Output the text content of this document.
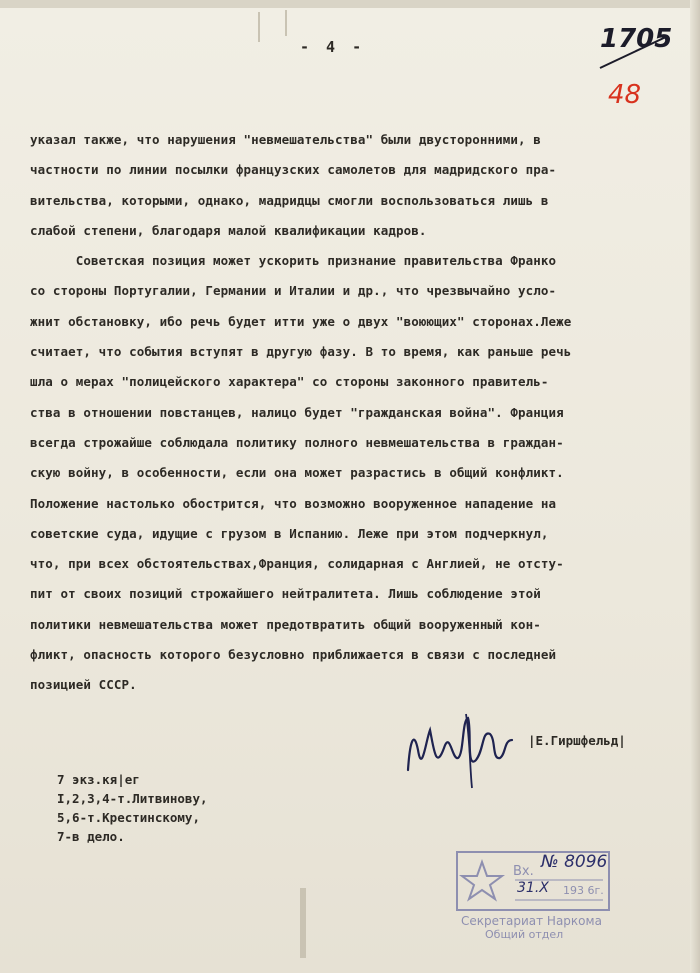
- 4 -	1705
48
указал также, что нарушения "невмешательства" были двусторонними, в
частности по линии посылки французских самолетов для мадридского пра-
вительства, которыми, однако, мадридцы смогли воспользоваться лишь в
слабой степени, благодаря малой квалификации кадров.
Советская позиция может ускорить признание правительства Франко
со стороны Португалии, Германии и Италии и др., что чрезвычайно усло-
жнит обстановку, ибо речь будет итти уже о двух "воюющих" сторонах.Леже
считает, что события вступят в другую фазу. В то время, как раньше речь
шла о мерах "полицейского характера" со стороны законного правитель-
ства в отношении повстанцев, налицо будет "гражданская война". Франция
всегда строжайше соблюдала политику полного невмешательства в граждан-
скую войну, в особенности, если она может разрастись в общий конфликт.
Положение настолько обострится, что возможно вооруженное нападение на
советские суда, идущие с грузом в Испанию. Леже при этом подчеркнул,
что, при всех обстоятельствах,Франция, солидарная с Англией, не отсту-
пит от своих позиций строжайшего нейтралитета. Лишь соблюдение этой
политики невмешательства может предотвратить общий вооруженный кон-
фликт, опасность которого безусловно приближается в связи с последней
позицией СССР.
|Е.Гиршфельд|
7 экз.кя|ег
I,2,3,4-т.Литвинову,
5,6-т.Крестинскому,
7-в дело.
Вх. № 8096
31.X 193 6г.
Секретариат Наркома
Общий отдел
